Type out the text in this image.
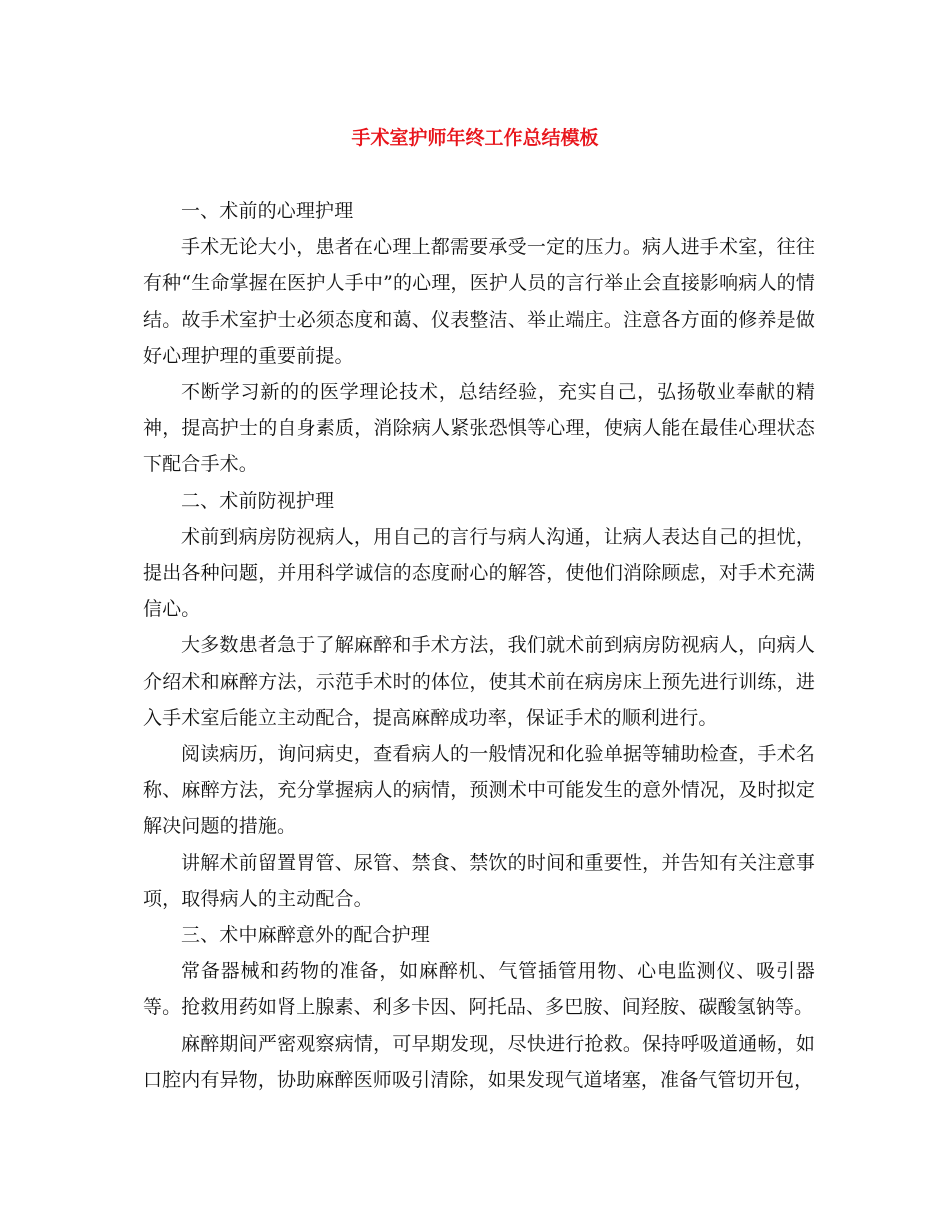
手术室护师年终工作总结模板

一、术前的心理护理

手术无论大小，患者在心理上都需要承受一定的压力。病人进手术室，往往有种“生命掌握在医护人手中”的心理，医护人员的言行举止会直接影响病人的情结。故手术室护士必须态度和蔼、仪表整洁、举止端庄。注意各方面的修养是做好心理护理的重要前提。

不断学习新的的医学理论技术，总结经验，充实自己，弘扬敬业奉献的精神，提高护士的自身素质，消除病人紧张恐惧等心理，使病人能在最佳心理状态下配合手术。

二、术前防视护理

术前到病房防视病人，用自己的言行与病人沟通，让病人表达自己的担忧，提出各种问题，并用科学诚信的态度耐心的解答，使他们消除顾虑，对手术充满信心。

大多数患者急于了解麻醉和手术方法，我们就术前到病房防视病人，向病人介绍术和麻醉方法，示范手术时的体位，使其术前在病房床上预先进行训练，进入手术室后能立主动配合，提高麻醉成功率，保证手术的顺利进行。

阅读病历，询问病史，查看病人的一般情况和化验单据等辅助检查，手术名称、麻醉方法，充分掌握病人的病情，预测术中可能发生的意外情况，及时拟定解决问题的措施。

讲解术前留置胃管、尿管、禁食、禁饮的时间和重要性，并告知有关注意事项，取得病人的主动配合。

三、术中麻醉意外的配合护理

常备器械和药物的准备，如麻醉机、气管插管用物、心电监测仪、吸引器等。抢救用药如肾上腺素、利多卡因、阿托品、多巴胺、间羟胺、碳酸氢钠等。

麻醉期间严密观察病情，可早期发现，尽快进行抢救。保持呼吸道通畅，如口腔内有异物，协助麻醉医师吸引清除，如果发现气道堵塞，准备气管切开包，
